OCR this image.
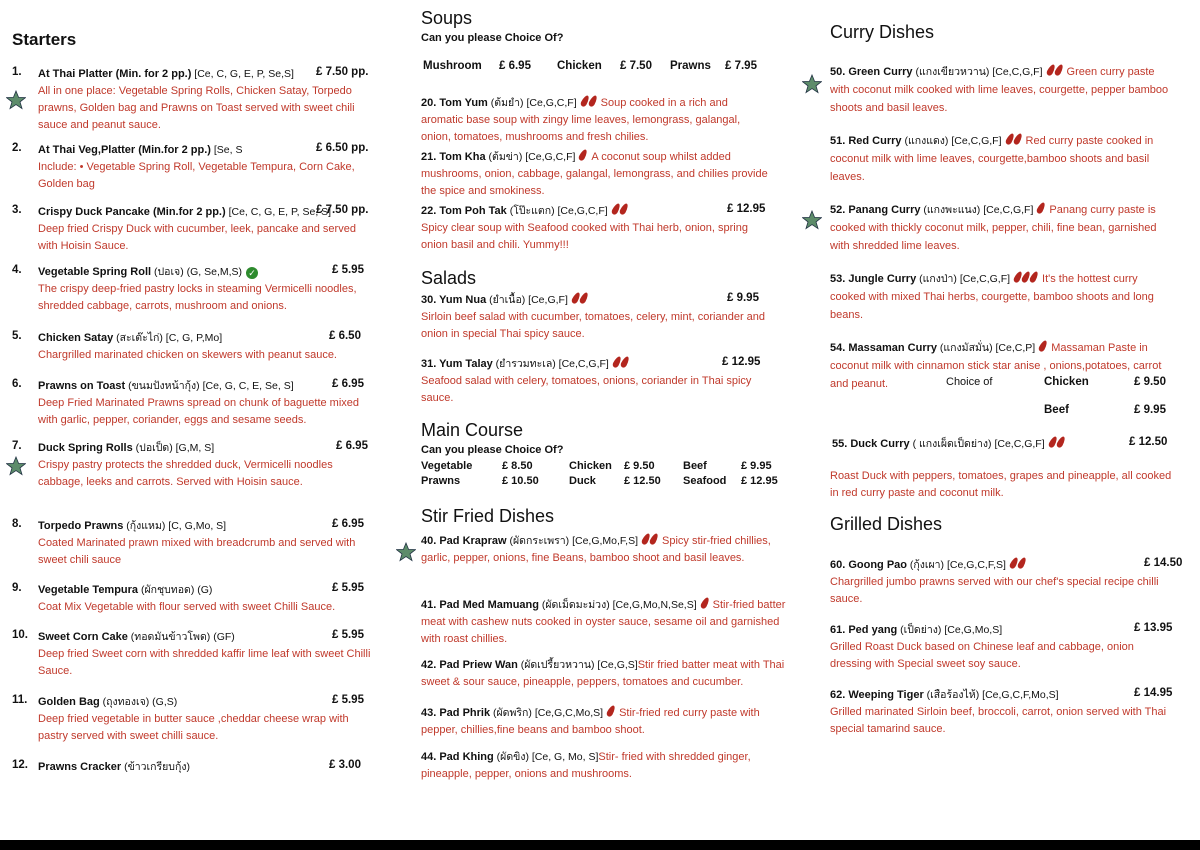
Starters
Soups
Can you please Choice Of?
Mushroom £ 6.95 Chicken £ 7.50 Prawns £ 7.95
Salads
Main Course
Can you please Choice Of?
Stir Fried Dishes
Curry Dishes
Grilled Dishes
Choice of	Chicken	£ 9.50
Beef	£ 9.95
1. At Thai Platter (Min. for 2 pp.) [Ce, C, G, E, P, Se,S]
All in one place: Vegetable Spring Rolls, Chicken Satay, Torpedo prawns, Golden bag and Prawns on Toast served with sweet chili sauce and peanut sauce.
£ 7.50 pp.
2. At Thai Veg,Platter (Min.for 2 pp.) [Se, S
Include: • Vegetable Spring Roll, Vegetable Tempura, Corn Cake, Golden bag
£ 6.50 pp.
3. Crispy Duck Pancake (Min.for 2 pp.) [Ce, C, G, E, P, Se, S]
Deep fried Crispy Duck with cucumber, leek, pancake and served with Hoisin Sauce.
£ 7.50 pp.
4. Vegetable Spring Roll (ปอเจ) (G, Se,M,S) ✓
The crispy deep-fried pastry locks in steaming Vermicelli noodles, shredded cabbage, carrots, mushroom and onions.
£ 5.95
5. Chicken Satay (สะเต๊ะไก่) [C, G, P,Mo]
Chargrilled marinated chicken on skewers with peanut sauce.
£ 6.50
6. Prawns on Toast (ขนมปังหน้ากุ้ง) [Ce, G, C, E, Se, S]
Deep Fried Marinated Prawns spread on chunk of baguette mixed with garlic, pepper, coriander, eggs and sesame seeds.
£ 6.95
7. Duck Spring Rolls (ปอเป็ด) [G,M, S]
Crispy pastry protects the shredded duck, Vermicelli noodles cabbage, leeks and carrots. Served with Hoisin sauce.
£ 6.95
8. Torpedo Prawns (กุ้งแหม) [C, G,Mo, S]
Coated Marinated prawn mixed with breadcrumb and served with sweet chili sauce
£ 6.95
9. Vegetable Tempura (ผักชุบทอด) (G)
Coat Mix Vegetable with flour served with sweet Chilli Sauce.
£ 5.95
10. Sweet Corn Cake (ทอดมันข้าวโพด) (GF)
Deep fried Sweet corn with shredded kaffir lime leaf with sweet Chilli Sauce.
£ 5.95
11. Golden Bag (ถุงทองเจ) (G,S)
Deep fried vegetable in butter sauce ,cheddar cheese wrap with pastry served with sweet chilli sauce.
£ 5.95
12. Prawns Cracker (ข้าวเกรียบกุ้ง)	£ 3.00
20. Tom Yum (ต้มยำ) [Ce,G,C,F] Soup cooked in a rich and aromatic base soup with zingy lime leaves, lemongrass, galangal, onion, tomatoes, mushrooms and fresh chilies.
21. Tom Kha (ต้มข่า) [Ce,G,C,F] A coconut soup whilst added mushrooms, onion, cabbage, galangal, lemongrass, and chilies provide the spice and smokiness.
22. Tom Poh Tak (โป๊ะแตก) [Ce,G,C,F]
Spicy clear soup with Seafood cooked with Thai herb, onion, spring onion basil and chili. Yummy!!!
£ 12.95
30. Yum Nua (ยำเนื้อ) [Ce,G,F]
Sirloin beef salad with cucumber, tomatoes, celery, mint, coriander and onion in special Thai spicy sauce.
£ 9.95
31. Yum Talay (ยำรวมทะเล) [Ce,C,G,F]
Seafood salad with celery, tomatoes, onions, coriander in Thai spicy sauce.
£ 12.95
Vegetable	£ 8.50	Chicken £ 9.50	Beef	£ 9.95
Prawns	£ 10.50	Duck	£ 12.50 Seafood £ 12.95
40. Pad Krapraw (ผัดกระเพรา) [Ce,G,Mo,F,S] Spicy stir-fried chillies, garlic, pepper, onions, fine Beans, bamboo shoot and basil leaves.
41. Pad Med Mamuang (ผัดเม็ดมะม่วง) [Ce,G,Mo,N,Se,S] Stir-fried batter meat with cashew nuts cooked in oyster sauce, sesame oil and garnished with roast chillies.
42. Pad Priew Wan (ผัดเปรี้ยวหวาน) [Ce,G,S]Stir fried batter meat with Thai sweet & sour sauce, pineapple, peppers, tomatoes and cucumber.
43. Pad Phrik (ผัดพริก) [Ce,G,C,Mo,S] Stir-fried red curry paste with pepper, chillies,fine beans and bamboo shoot.
44. Pad Khing (ผัดขิง) [Ce, G, Mo, S]Stir- fried with shredded ginger, pineapple, pepper, onions and mushrooms.
50. Green Curry (แกงเขียวหวาน) [Ce,C,G,F] Green curry paste with coconut milk cooked with lime leaves, courgette, pepper bamboo shoots and basil leaves.
51. Red Curry (แกงแดง) [Ce,C,G,F] Red curry paste cooked in coconut milk with lime leaves, courgette,bamboo shoots and basil leaves.
52. Panang Curry (แกงพะแนง) [Ce,C,G,F] Panang curry paste is cooked with thickly coconut milk, pepper, chili, fine bean, garnished with shredded lime leaves.
53. Jungle Curry (แกงป่า) [Ce,C,G,F]	It's the hottest curry cooked with mixed Thai herbs, courgette, bamboo shoots and long beans.
54. Massaman Curry (แกงมัสมั่น) [Ce,C,P] Massaman Paste in coconut milk with cinnamon stick star anise , onions,potatoes, carrot and peanut.
55. Duck Curry ( แกงเผ็ดเป็ดย่าง) [Ce,C,G,F]	£ 12.50
Roast Duck with peppers, tomatoes, grapes and pineapple, all cooked in red curry paste and coconut milk.
60. Goong Pao (กุ้งเผา) [Ce,G,C,F,S]
Chargrilled jumbo prawns served with our chef's special recipe chilli sauce.
£ 14.50
61. Ped yang (เป็ดย่าง) [Ce,G,Mo,S]
Grilled Roast Duck based on Chinese leaf and cabbage, onion dressing with Special sweet soy sauce.
£ 13.95
62. Weeping Tiger (เสือร้องไห้) [Ce,G,C,F,Mo,S]
Grilled marinated Sirloin beef, broccoli, carrot, onion served with Thai special tamarind sauce.
£ 14.95
